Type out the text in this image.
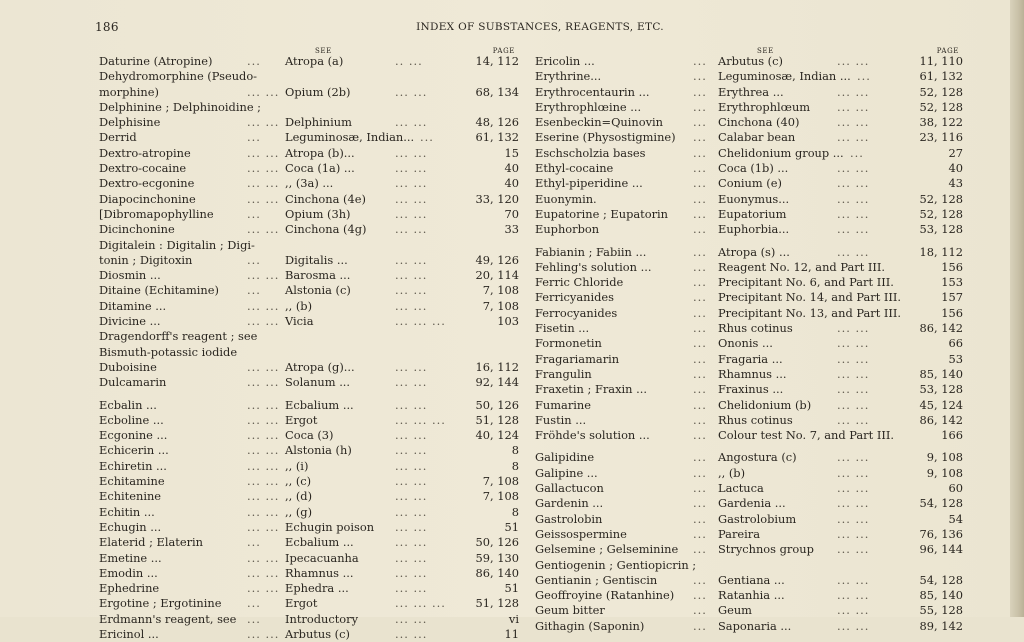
186	INDEX OF SUBSTANCES, REAGENTS, ETC.
SEE	PAGE
Daturine (Atropine)	... Atropa (a)	.. ...	14, 112
Dehydromorphine (Pseudo-
morphine)	... ... Opium (2b)	... ...	68, 134
Delphinine ; Delphinoidine ;
Delphisine	... ... Delphinium	... ...	48, 126
Derrid	... Leguminosæ, Indian... ...	61, 132
Dextro-atropine	... ... Atropa (b)...	... ...	15
Dextro-cocaine	... ... Coca (1a) ...	... ...	40
Dextro-ecgonine	... ... ,, (3a) ...	... ...	40
Diapocinchonine	... ... Cinchona (4e)	... ...	33, 120
[Dibromapophylline	... Opium (3h)	... ...	70
Dicinchonine	... ... Cinchona (4g)	... ...	33
Digitalein : Digitalin ; Digi-
tonin ; Digitoxin	... Digitalis ...	... ...	49, 126
Diosmin ...	... ... Barosma ...	... ...	20, 114
Ditaine (Echitamine) ... Alstonia (c)	... ...	7, 108
Ditamine ...	... ... ,, (b)	... ...	7, 108
Divicine ...	... ... Vicia	... ... ...	103
Dragendorff's reagent ; see
Bismuth-potassic iodide
Duboisine	... ... Atropa (g)...	... ...	16, 112
Dulcamarin	... ... Solanum ...	... ...	92, 144
Ecbalin ...	... ... Ecbalium ...	... ...	50, 126
Ecboline ...	... ... Ergot	... ... ...	51, 128
Ecgonine ...	... ... Coca (3)	... ...	40, 124
Echicerin ...	... ... Alstonia (h)	... ...	8
Echiretin ...	... ... ,, (i)	... ...	8
Echitamine	... ... ,, (c)	... ...	7, 108
Echitenine	... ... ,, (d)	... ...	7, 108
Echitin ...	... ... ,, (g)	... ...	8
Echugin ...	... ... Echugin poison ... ...	51
Elaterid ; Elaterin	... Ecbalium ...	... ...	50, 126
Emetine ...	... ... Ipecacuanha	... ...	59, 130
Emodin ...	... ... Rhamnus ...	... ...	86, 140
Ephedrine	... ... Ephedra ...	... ...	51
Ergotine ; Ergotinine ... Ergot	... ... ...	51, 128
Erdmann's reagent, see ... Introductory	... ...	vi
Ericinol ...	... ... Arbutus (c)	... ...	11
SEE	PAGE
Ericolin ...	... Arbutus (c)	... ...	11, 110
Erythrine...	... Leguminosæ, Indian ... ...	61, 132
Erythrocentaurin ...	... Erythrea ...	... ...	52, 128
Erythrophlœine ...	... Erythrophlœum ... ...	52, 128
Esenbeckin=Quinovin	... Cinchona (40)	... ...	38, 122
Eserine (Physostigmine) ... Calabar bean	... ...	23, 116
Eschscholzia bases	... Chelidonium group ... ...	27
Ethyl-cocaine	... Coca (1b) ...	... ...	40
Ethyl-piperidine ...	... Conium (e)	... ...	43
Euonymin.	... Euonymus...	... ...	52, 128
Eupatorine ; Eupatorin ... Eupatorium	... ...	52, 128
Euphorbon	... Euphorbia...	... ...	53, 128
Fabianin ; Fabiin ...	... Atropa (s) ...	... ...	18, 112
Fehling's solution ...	... Reagent No. 12, and Part III.	156
Ferric Chloride	... Precipitant No. 6, and Part III.	153
Ferricyanides	... Precipitant No. 14, and Part III.	157
Ferrocyanides	... Precipitant No. 13, and Part III.	156
Fisetin ...	... Rhus cotinus	... ...	86, 142
Formonetin	... Ononis ...	... ...	66
Fragariamarin	... Fragaria ...	... ...	53
Frangulin	... Rhamnus ...	... ...	85, 140
Fraxetin ; Fraxin ...	... Fraxinus ...	... ...	53, 128
Fumarine	... Chelidonium (b) ... ...	45, 124
Fustin ...	... Rhus cotinus	... ...	86, 142
Fröhde's solution ...	... Colour test No. 7, and Part III.	166
Galipidine	... Angostura (c)	... ...	9, 108
Galipine ...	... ,, (b)	... ...	9, 108
Gallactucon	... Lactuca	... ...	60
Gardenin ...	... Gardenia ...	... ...	54, 128
Gastrolobin	... Gastrolobium	... ...	54
Geissospermine	... Pareira	... ...	76, 136
Gelsemine ; Gelseminine ... Strychnos group ... ...	96, 144
Gentiogenin ; Gentiopicrin ;
Gentianin ; Gentiscin	... Gentiana ...	... ...	54, 128
Geoffroyine (Ratanhine) ... Ratanhia ...	... ...	85, 140
Geum bitter	... Geum	... ...	55, 128
Githagin (Saponin)	... Saponaria ...	... ...	89, 142
